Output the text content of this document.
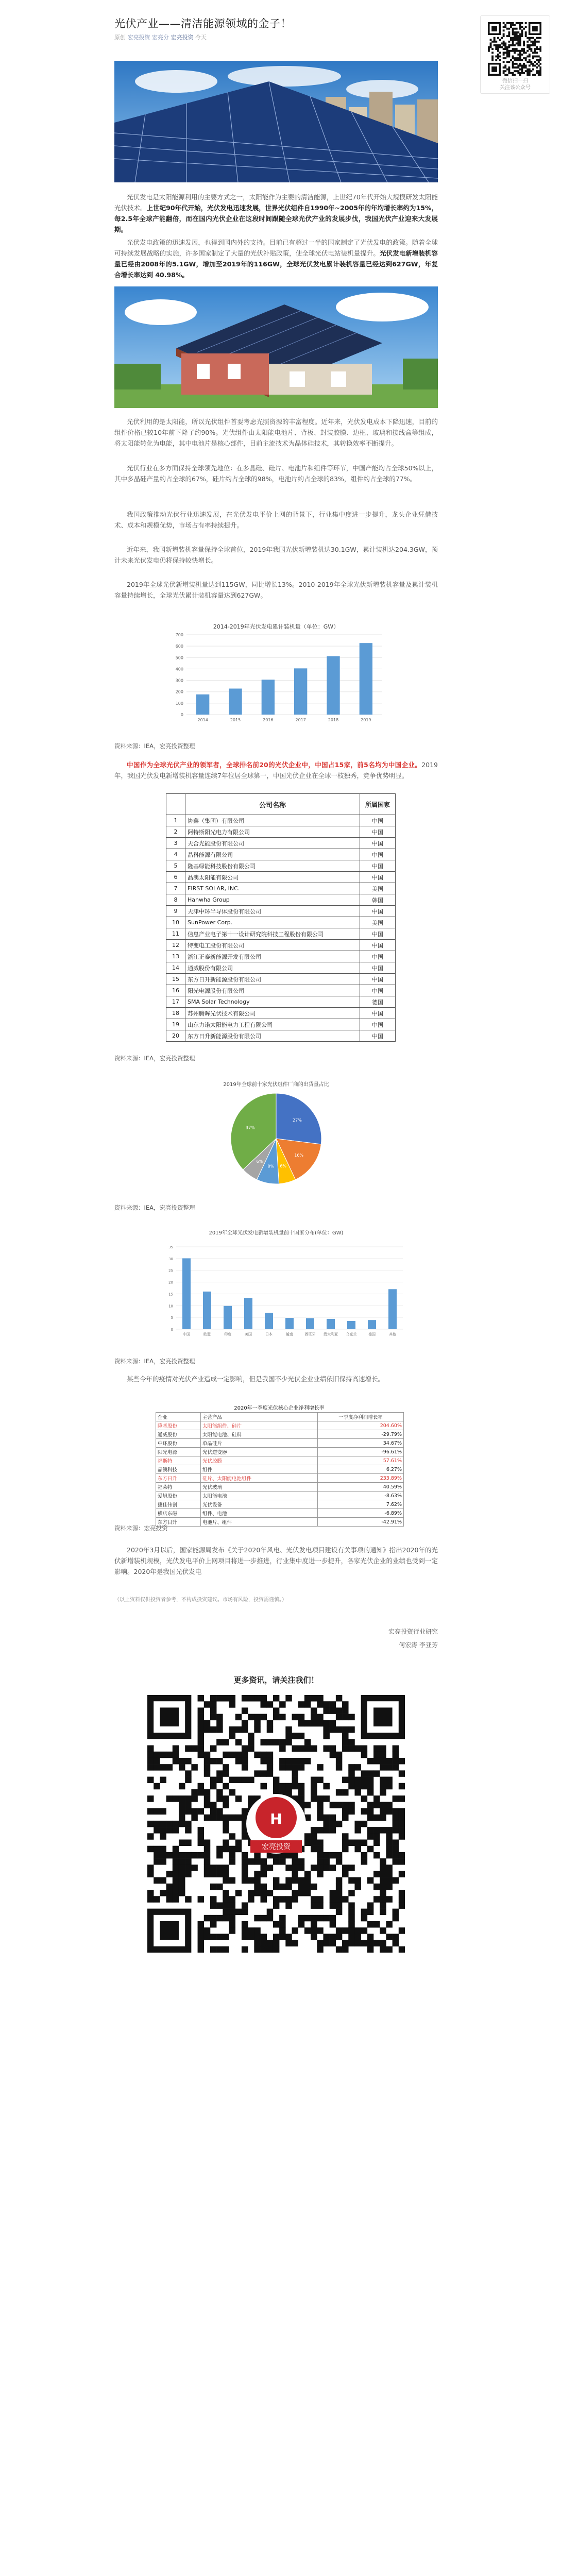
光伏产业——清洁能源领域的金子！
原创 宏亮投资 宏亮分 宏亮投资 今天
光伏发电是太阳能源利用的主要方式之一，太阳能作为主要的清洁能源，上世纪70年代开始大规模研发太阳能光伏技术。上世纪90年代开始，光伏发电迅速发展，世界光伏组件自1990年~2005年的年均增长率约为15%，每2.5年全球产能翻倍，而在国内光伏企业在这段时间跟随全球光伏产业的发展步伐，我国光伏产业迎来大发展期。
光伏发电政策的迅速发展，也得到国内外的支持。目前已有超过一半的国家制定了光伏发电的政策。随着全球可持续发展战略的实施，许多国家制定了大量的光伏补贴政策，使全球光伏电站装机量提升。光伏发电新增装机容量已经由2008年的5.1GW，增加至2019年的116GW，全球光伏发电累计装机容量已经达到627GW，年复合增长率达到 40.98%。
光伏利用的是太阳能，所以光伏组件首要考虑光照资源的丰富程度。近年来，光伏发电成本下降迅速，目前的组件价格已较10年前下降了约90%。光伏组件由太阳能电池片、背板、封装胶膜、边框、玻璃和接线盒等组成，将太阳能转化为电能，其中电池片是核心部件，目前主流技术为晶体硅技术，其转换效率不断提升。
光伏行业在多方面保持全球领先地位：在多晶硅、硅片、电池片和组件等环节，中国产能均占全球50%以上，其中多晶硅产量约占全球的67%，硅片约占全球的98%，电池片约占全球的83%，组件约占全球的77%。
我国政策推动光伏行业迅速发展，在光伏发电平价上网的背景下，行业集中度进一步提升，龙头企业凭借技术、成本和规模优势，市场占有率持续提升。
近年来，我国新增装机容量保持全球首位，2019年我国光伏新增装机达30.1GW，累计装机达204.3GW，预计未来光伏发电仍将保持较快增长。
2019年全球光伏新增装机量达到115GW，同比增长13%。2010-2019年全球光伏新增装机容量及累计装机容量持续增长，全球光伏累计装机容量达到627GW。
2014-2019年光伏发电累计装机量（单位：GW）
0
100
200
300
400
500
600
700
2014	2015	2016	2017	2018	2019
资料来源：IEA，宏亮投资整理
中国作为全球光伏产业的领军者，全球排名前20的光伏企业中，中国占15家，前5名均为中国企业。2019年，我国光伏发电新增装机容量连续7年位居全球第一，中国光伏企业在全球一枝独秀，竞争优势明显。
	公司名称	所属国家
1	协鑫（集团）有限公司	中国
2	阿特斯阳光电力有限公司	中国
3	天合光能股份有限公司	中国
4	晶科能源有限公司	中国
5	隆基绿能科技股份有限公司	中国
6	晶澳太阳能有限公司	中国
7	FIRST SOLAR, INC.	美国
8	Hanwha Group	韩国
9	天津中环半导体股份有限公司	中国
10	SunPower Corp.	美国
11	信息产业电子第十一设计研究院科技工程股份有限公司	中国
12	特变电工股份有限公司	中国
13	浙江正泰新能源开发有限公司	中国
14	通威股份有限公司	中国
15	东方日升新能源股份有限公司	中国
16	阳光电源股份有限公司	中国
17	SMA Solar Technology	德国
18	苏州腾晖光伏技术有限公司	中国
19	山东力诺太阳能电力工程有限公司	中国
20	东方日升新能源股份有限公司	中国
资料来源：IEA，宏亮投资整理
2019年全球前十家光伏组件厂商的出货量占比
27%
16%
6%
8%
6%
37%
资料来源：IEA，宏亮投资整理
2019年全球光伏发电新增装机量前十国家分布(单位：GW)
0
5
10
15
20
25
30
35
中国	欧盟	印度	美国	日本	越南	西班牙 澳大利亚 乌克兰	德国	其他
资料来源：IEA，宏亮投资整理
某些今年的疫情对光伏产业造成一定影响，但是我国不少光伏企业业绩依旧保持高速增长。
2020年一季度光伏核心企业净利增长率
企业	主营产品	一季度净利润增长率
隆基股份	太阳能组件、硅片	204.60%
通威股份	太阳能电池、硅料	-29.79%
中环股份	单晶硅片	34.67%
阳光电源	光伏逆变器	-96.61%
福斯特	光伏胶膜	57.61%
晶澳科技	组件	6.27%
东方日升	硅片、太阳能电池组件	233.89%
福莱特	光伏玻璃	40.59%
爱旭股份	太阳能电池	-8.63%
捷佳伟创	光伏设备	7.62%
横店东磁	组件、电池	-6.89%
东方日升	电池片、组件	-42.91%
资料来源：宏亮投资
2020年3月以后，国家能源局发布《关于2020年风电、光伏发电项目建设有关事项的通知》指出2020年的光伏新增装机规模，光伏发电平价上网项目将进一步推进，行业集中度进一步提升，各家光伏企业的业绩也受到一定影响。2020年是我国光伏发电
（以上资料仅供投资者参考，不构成投资建议。市场有风险，投资需谨慎。）
宏亮投资行业研究
何宏涛 李亚芳
更多资讯，请关注我们！
H
宏亮投资
微信扫一扫
关注该公众号
